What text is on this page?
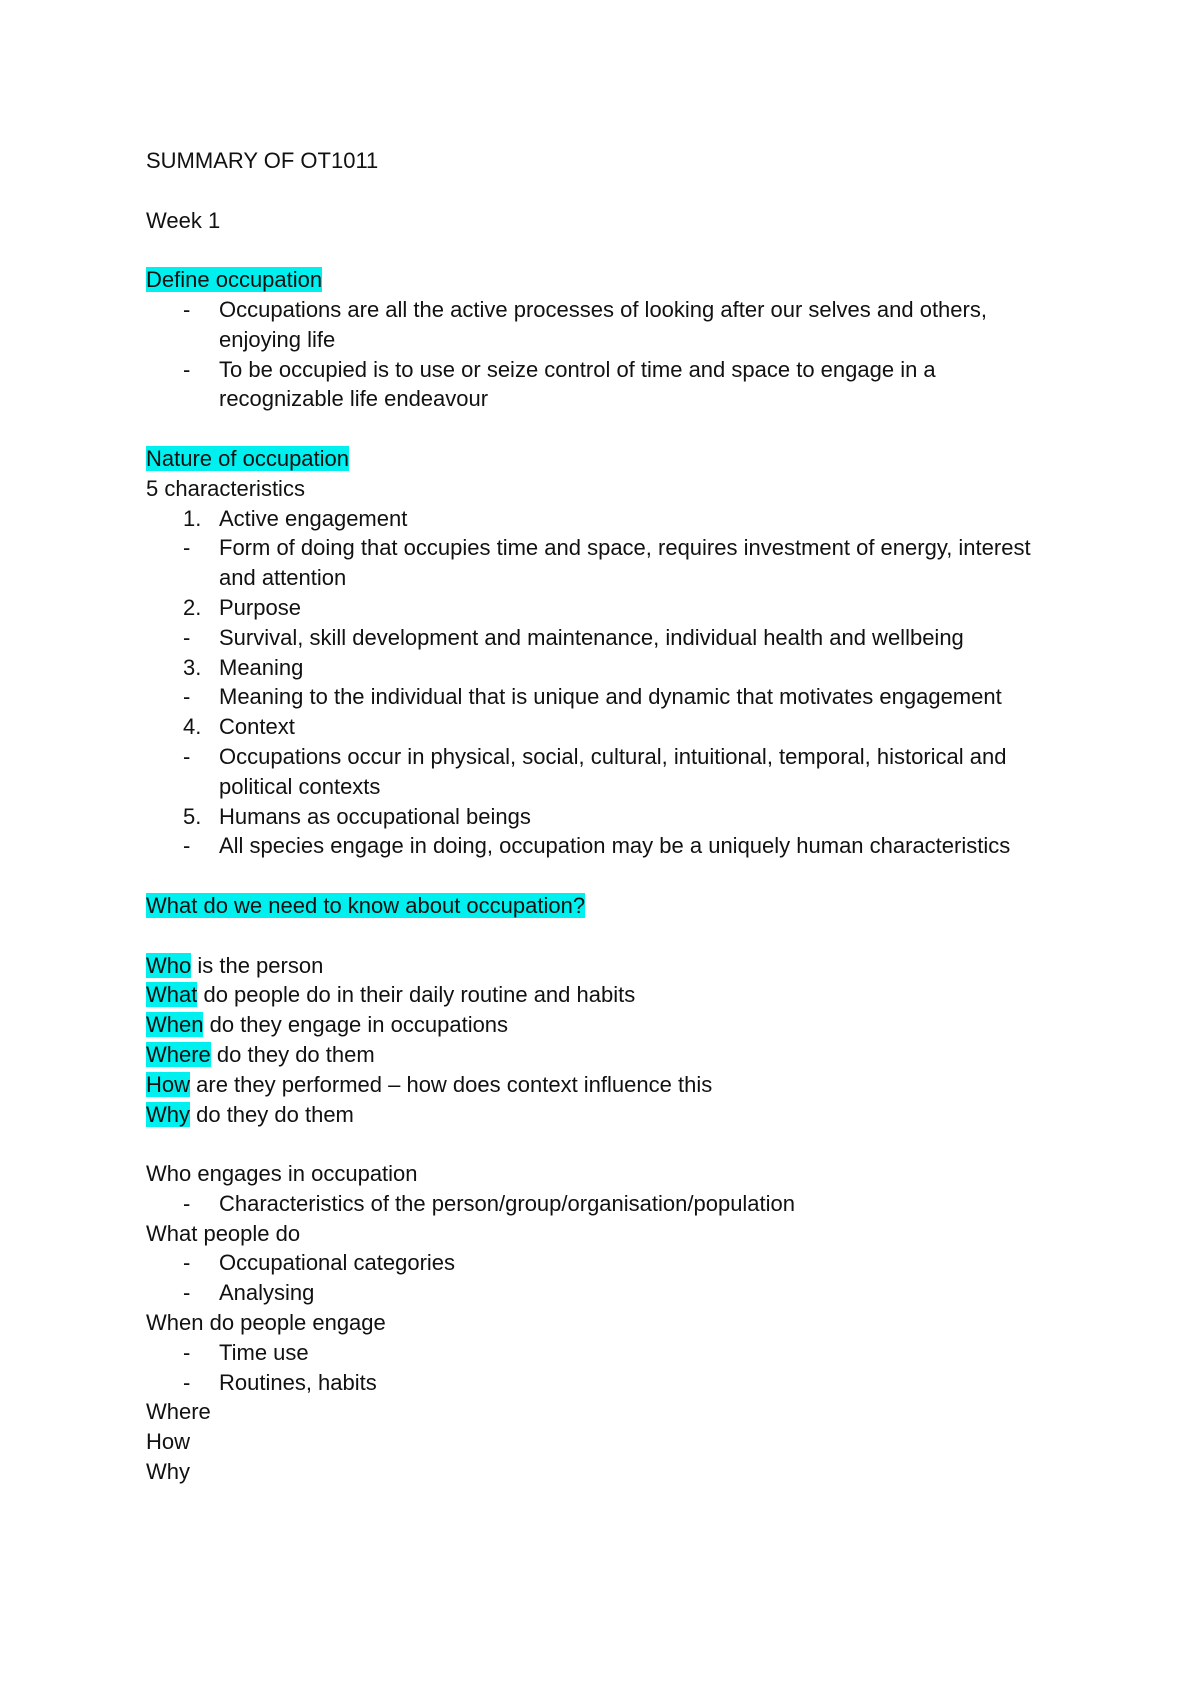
SUMMARY OF OT1011
Week 1
Define occupation
- Occupations are all the active processes of looking after our selves and others,
enjoying life
- To be occupied is to use or seize control of time and space to engage in a
recognizable life endeavour
Nature of occupation
5 characteristics
1. Active engagement
- Form of doing that occupies time and space, requires investment of energy, interest
and attention
2. Purpose
- Survival, skill development and maintenance, individual health and wellbeing
3. Meaning
- Meaning to the individual that is unique and dynamic that motivates engagement
4. Context
- Occupations occur in physical, social, cultural, intuitional, temporal, historical and
political contexts
5. Humans as occupational beings
- All species engage in doing, occupation may be a uniquely human characteristics
What do we need to know about occupation?
Who is the person
What do people do in their daily routine and habits
When do they engage in occupations
Where do they do them
How are they performed – how does context influence this
Why do they do them
Who engages in occupation
- Characteristics of the person/group/organisation/population
What people do
- Occupational categories
- Analysing
When do people engage
- Time use
- Routines, habits
Where
How
Why
